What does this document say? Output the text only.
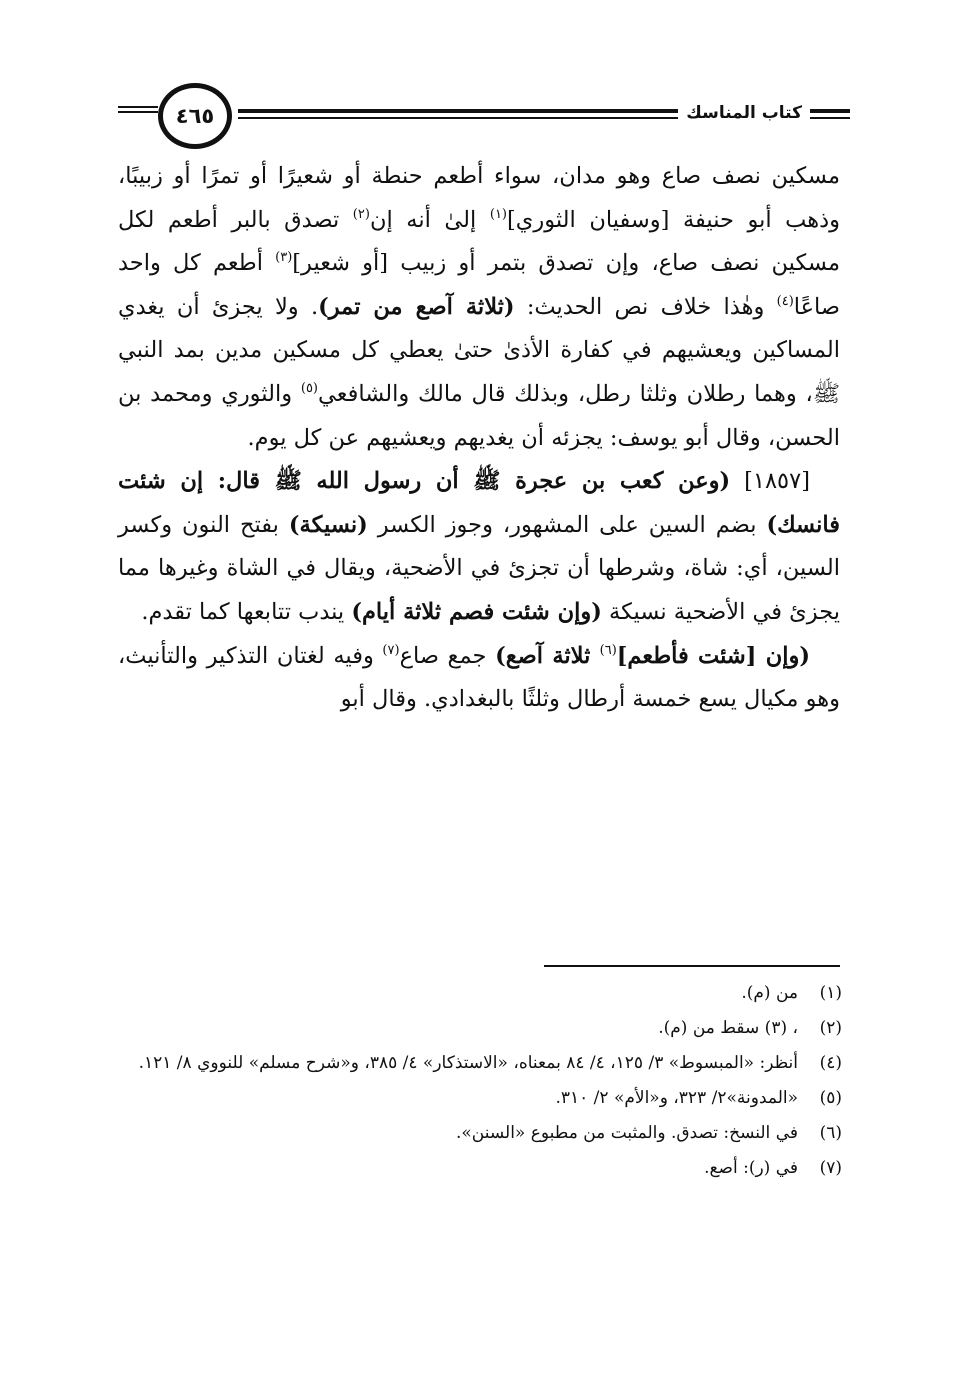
٤٦٥	كتاب المناسك

مسكين نصف صاع وهو مدان، سواء أطعم حنطة أو شعيرًا أو تمرًا أو زبيبًا، وذهب أبو حنيفة [وسفيان الثوري]$^{(١)}$ إلىٰ أنه إن$^{(٢)}$ تصدق بالبر أطعم لكل مسكين نصف صاع، وإن تصدق بتمر أو زبيب [أو شعير]$^{(٣)}$ أطعم كل واحد صاعًا$^{(٤)}$ وهٰذا خلاف نص الحديث: (ثلاثة آصع من تمر). ولا يجزئ أن يغدي المساكين ويعشيهم في كفارة الأذىٰ حتىٰ يعطي كل مسكين مدين بمد النبي ﷺ، وهما رطلان وثلثا رطل، وبذلك قال مالك والشافعي$^{(٥)}$ والثوري ومحمد بن الحسن، وقال أبو يوسف: يجزئه أن يغديهم ويعشيهم عن كل يوم.

[١٨٥٧] (وعن كعب بن عجرة ﷺ أن رسول الله ﷺ قال: إن شئت فانسك) بضم السين على المشهور، وجوز الكسر (نسيكة) بفتح النون وكسر السين، أي: شاة، وشرطها أن تجزئ في الأضحية، ويقال في الشاة وغيرها مما يجزئ في الأضحية نسيكة (وإن شئت فصم ثلاثة أيام) يندب تتابعها كما تقدم.

(وإن [شئت فأطعم]$^{(٦)}$ ثلاثة آصع) جمع صاع$^{(٧)}$ وفيه لغتان التذكير والتأنيث، وهو مكيال يسع خمسة أرطال وثلثًا بالبغدادي. وقال أبو

(١)
من (م).
(٢)
، (٣) سقط من (م).
(٤)
أنظر: «المبسوط» ٣/ ١٢٥، ٤/ ٨٤ بمعناه، «الاستذكار» ٤/ ٣٨٥، و«شرح مسلم» للنووي ٨/ ١٢١.
(٥)
«المدونة»٢/ ٣٢٣، و«الأم» ٢/ ٣١٠.
(٦)
في النسخ: تصدق. والمثبت من مطبوع «السنن».
(٧)
في (ر): أصع.
